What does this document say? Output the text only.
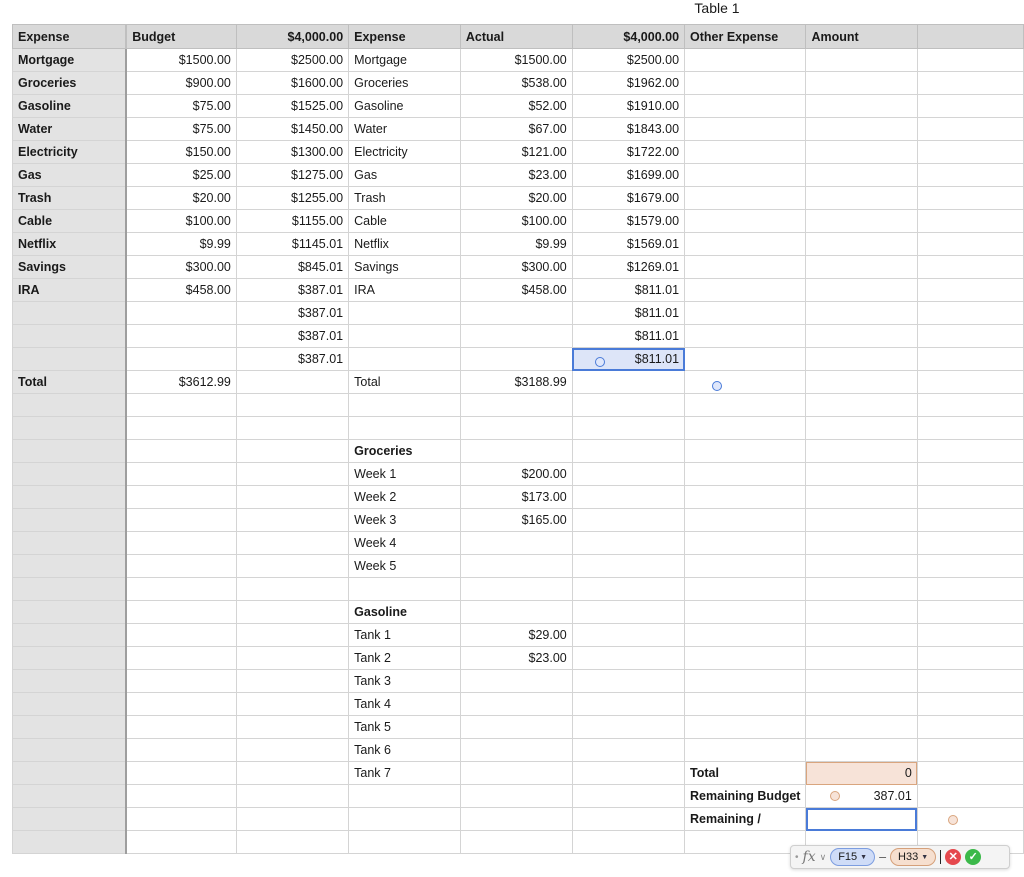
Table 1
Expense	Budget	$4,000.00	Expense	Actual	$4,000.00	Other Expense	Amount	
Mortgage	$1500.00	$2500.00	Mortgage	$1500.00	$2500.00			
Groceries	$900.00	$1600.00	Groceries	$538.00	$1962.00			
Gasoline	$75.00	$1525.00	Gasoline	$52.00	$1910.00			
Water	$75.00	$1450.00	Water	$67.00	$1843.00			
Electricity	$150.00	$1300.00	Electricity	$121.00	$1722.00			
Gas	$25.00	$1275.00	Gas	$23.00	$1699.00			
Trash	$20.00	$1255.00	Trash	$20.00	$1679.00			
Cable	$100.00	$1155.00	Cable	$100.00	$1579.00			
Netflix	$9.99	$1145.01	Netflix	$9.99	$1569.01			
Savings	$300.00	$845.01	Savings	$300.00	$1269.01			
IRA	$458.00	$387.01	IRA	$458.00	$811.01			
		$387.01			$811.01			
		$387.01			$811.01			
		$387.01			$811.01			
Total	$3612.99		Total	$3188.99				

			Groceries					
			Week 1	$200.00				
			Week 2	$173.00				
			Week 3	$165.00				
			Week 4					
			Week 5					

			Gasoline					
			Tank 1	$29.00				
			Tank 2	$23.00				
			Tank 3					
			Tank 4					
			Tank 5					
			Tank 6					
			Tank 7			Total	0	
						Remaining Budget	387.01	
						Remaining /		

• fx ∨ F15 ▼ – H33 ▼	✕ ✓
